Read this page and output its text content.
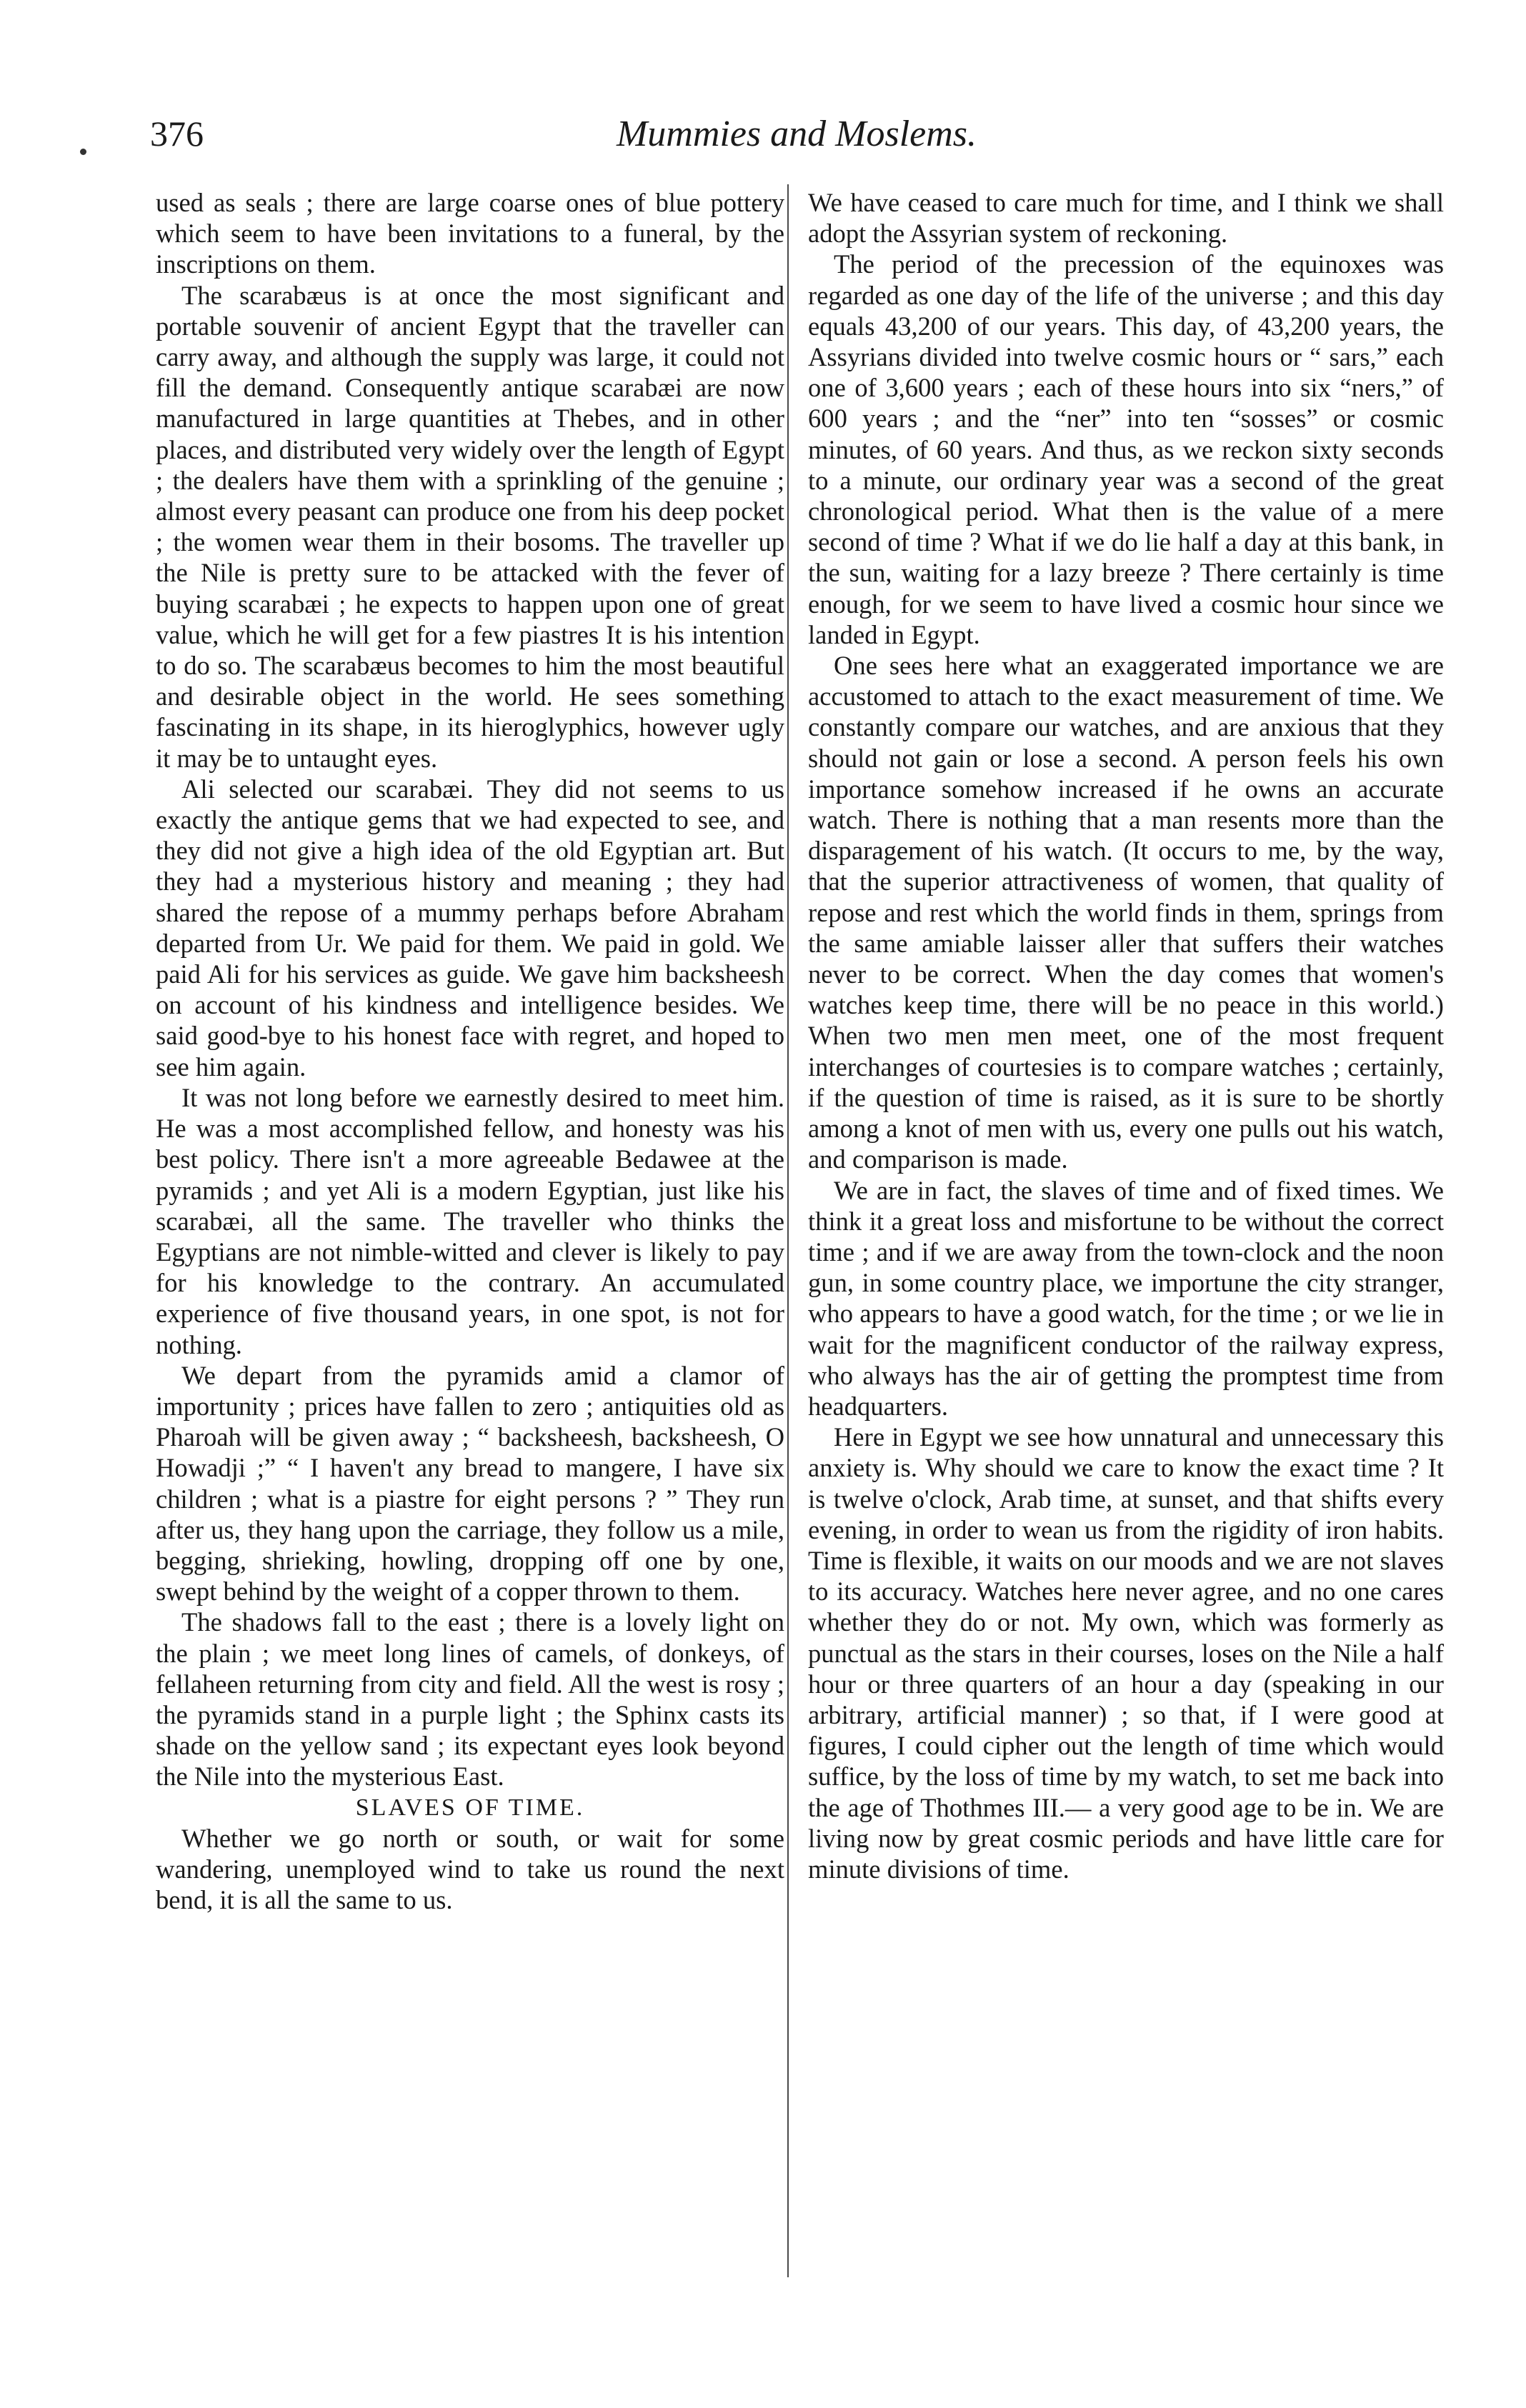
376	Mummies and Moslems.

used as seals ; there are large coarse ones of blue pottery which seem to have been invitations to a funeral, by the inscriptions on them.

The scarabæus is at once the most significant and portable souvenir of ancient Egypt that the traveller can carry away, and although the supply was large, it could not fill the demand. Consequently antique scarabæi are now manufactured in large quantities at Thebes, and in other places, and distributed very widely over the length of Egypt ; the dealers have them with a sprinkling of the genuine ; almost every peasant can produce one from his deep pocket ; the women wear them in their bosoms. The traveller up the Nile is pretty sure to be attacked with the fever of buying scarabæi ; he expects to happen upon one of great value, which he will get for a few piastres It is his intention to do so. The scarabæus becomes to him the most beautiful and desirable object in the world. He sees something fascinating in its shape, in its hieroglyphics, however ugly it may be to untaught eyes.

Ali selected our scarabæi. They did not seems to us exactly the antique gems that we had expected to see, and they did not give a high idea of the old Egyptian art. But they had a mysterious history and meaning ; they had shared the repose of a mummy perhaps before Abraham departed from Ur. We paid for them. We paid in gold. We paid Ali for his services as guide. We gave him backsheesh on account of his kindness and intelligence besides. We said good-bye to his honest face with regret, and hoped to see him again.

It was not long before we earnestly desired to meet him. He was a most accomplished fellow, and honesty was his best policy. There isn't a more agreeable Bedawee at the pyramids ; and yet Ali is a modern Egyptian, just like his scarabæi, all the same. The traveller who thinks the Egyptians are not nimble-witted and clever is likely to pay for his knowledge to the contrary. An accumulated experience of five thousand years, in one spot, is not for nothing.

We depart from the pyramids amid a clamor of importunity ; prices have fallen to zero ; antiquities old as Pharoah will be given away ; “ backsheesh, backsheesh, O Howadji ;” “ I haven't any bread to mangere, I have six children ; what is a piastre for eight persons ? ” They run after us, they hang upon the carriage, they follow us a mile, begging, shrieking, howling, dropping off one by one, swept behind by the weight of a copper thrown to them.

The shadows fall to the east ; there is a lovely light on the plain ; we meet long lines of camels, of donkeys, of fellaheen returning from city and field. All the west is rosy ; the pyramids stand in a purple light ; the Sphinx casts its shade on the yellow sand ; its expectant eyes look beyond the Nile into the mysterious East.

SLAVES OF TIME.

Whether we go north or south, or wait for some wandering, unemployed wind to take us round the next bend, it is all the same to us.

We have ceased to care much for time, and I think we shall adopt the Assyrian system of reckoning.

The period of the precession of the equinoxes was regarded as one day of the life of the universe ; and this day equals 43,200 of our years. This day, of 43,200 years, the Assyrians divided into twelve cosmic hours or “ sars,” each one of 3,600 years ; each of these hours into six “ners,” of 600 years ; and the “ner” into ten “sosses” or cosmic minutes, of 60 years. And thus, as we reckon sixty seconds to a minute, our ordinary year was a second of the great chronological period. What then is the value of a mere second of time ? What if we do lie half a day at this bank, in the sun, waiting for a lazy breeze ? There certainly is time enough, for we seem to have lived a cosmic hour since we landed in Egypt.

One sees here what an exaggerated importance we are accustomed to attach to the exact measurement of time. We constantly compare our watches, and are anxious that they should not gain or lose a second. A person feels his own importance somehow increased if he owns an accurate watch. There is nothing that a man resents more than the disparagement of his watch. (It occurs to me, by the way, that the superior attractiveness of women, that quality of repose and rest which the world finds in them, springs from the same amiable laisser aller that suffers their watches never to be correct. When the day comes that women's watches keep time, there will be no peace in this world.) When two men men meet, one of the most frequent interchanges of courtesies is to compare watches ; certainly, if the question of time is raised, as it is sure to be shortly among a knot of men with us, every one pulls out his watch, and comparison is made.

We are in fact, the slaves of time and of fixed times. We think it a great loss and misfortune to be without the correct time ; and if we are away from the town-clock and the noon gun, in some country place, we importune the city stranger, who appears to have a good watch, for the time ; or we lie in wait for the magnificent conductor of the railway express, who always has the air of getting the promptest time from headquarters.

Here in Egypt we see how unnatural and unnecessary this anxiety is. Why should we care to know the exact time ? It is twelve o'clock, Arab time, at sunset, and that shifts every evening, in order to wean us from the rigidity of iron habits. Time is flexible, it waits on our moods and we are not slaves to its accuracy. Watches here never agree, and no one cares whether they do or not. My own, which was formerly as punctual as the stars in their courses, loses on the Nile a half hour or three quarters of an hour a day (speaking in our arbitrary, artificial manner) ; so that, if I were good at figures, I could cipher out the length of time which would suffice, by the loss of time by my watch, to set me back into the age of Thothmes III.— a very good age to be in. We are living now by great cosmic periods and have little care for minute divisions of time.
